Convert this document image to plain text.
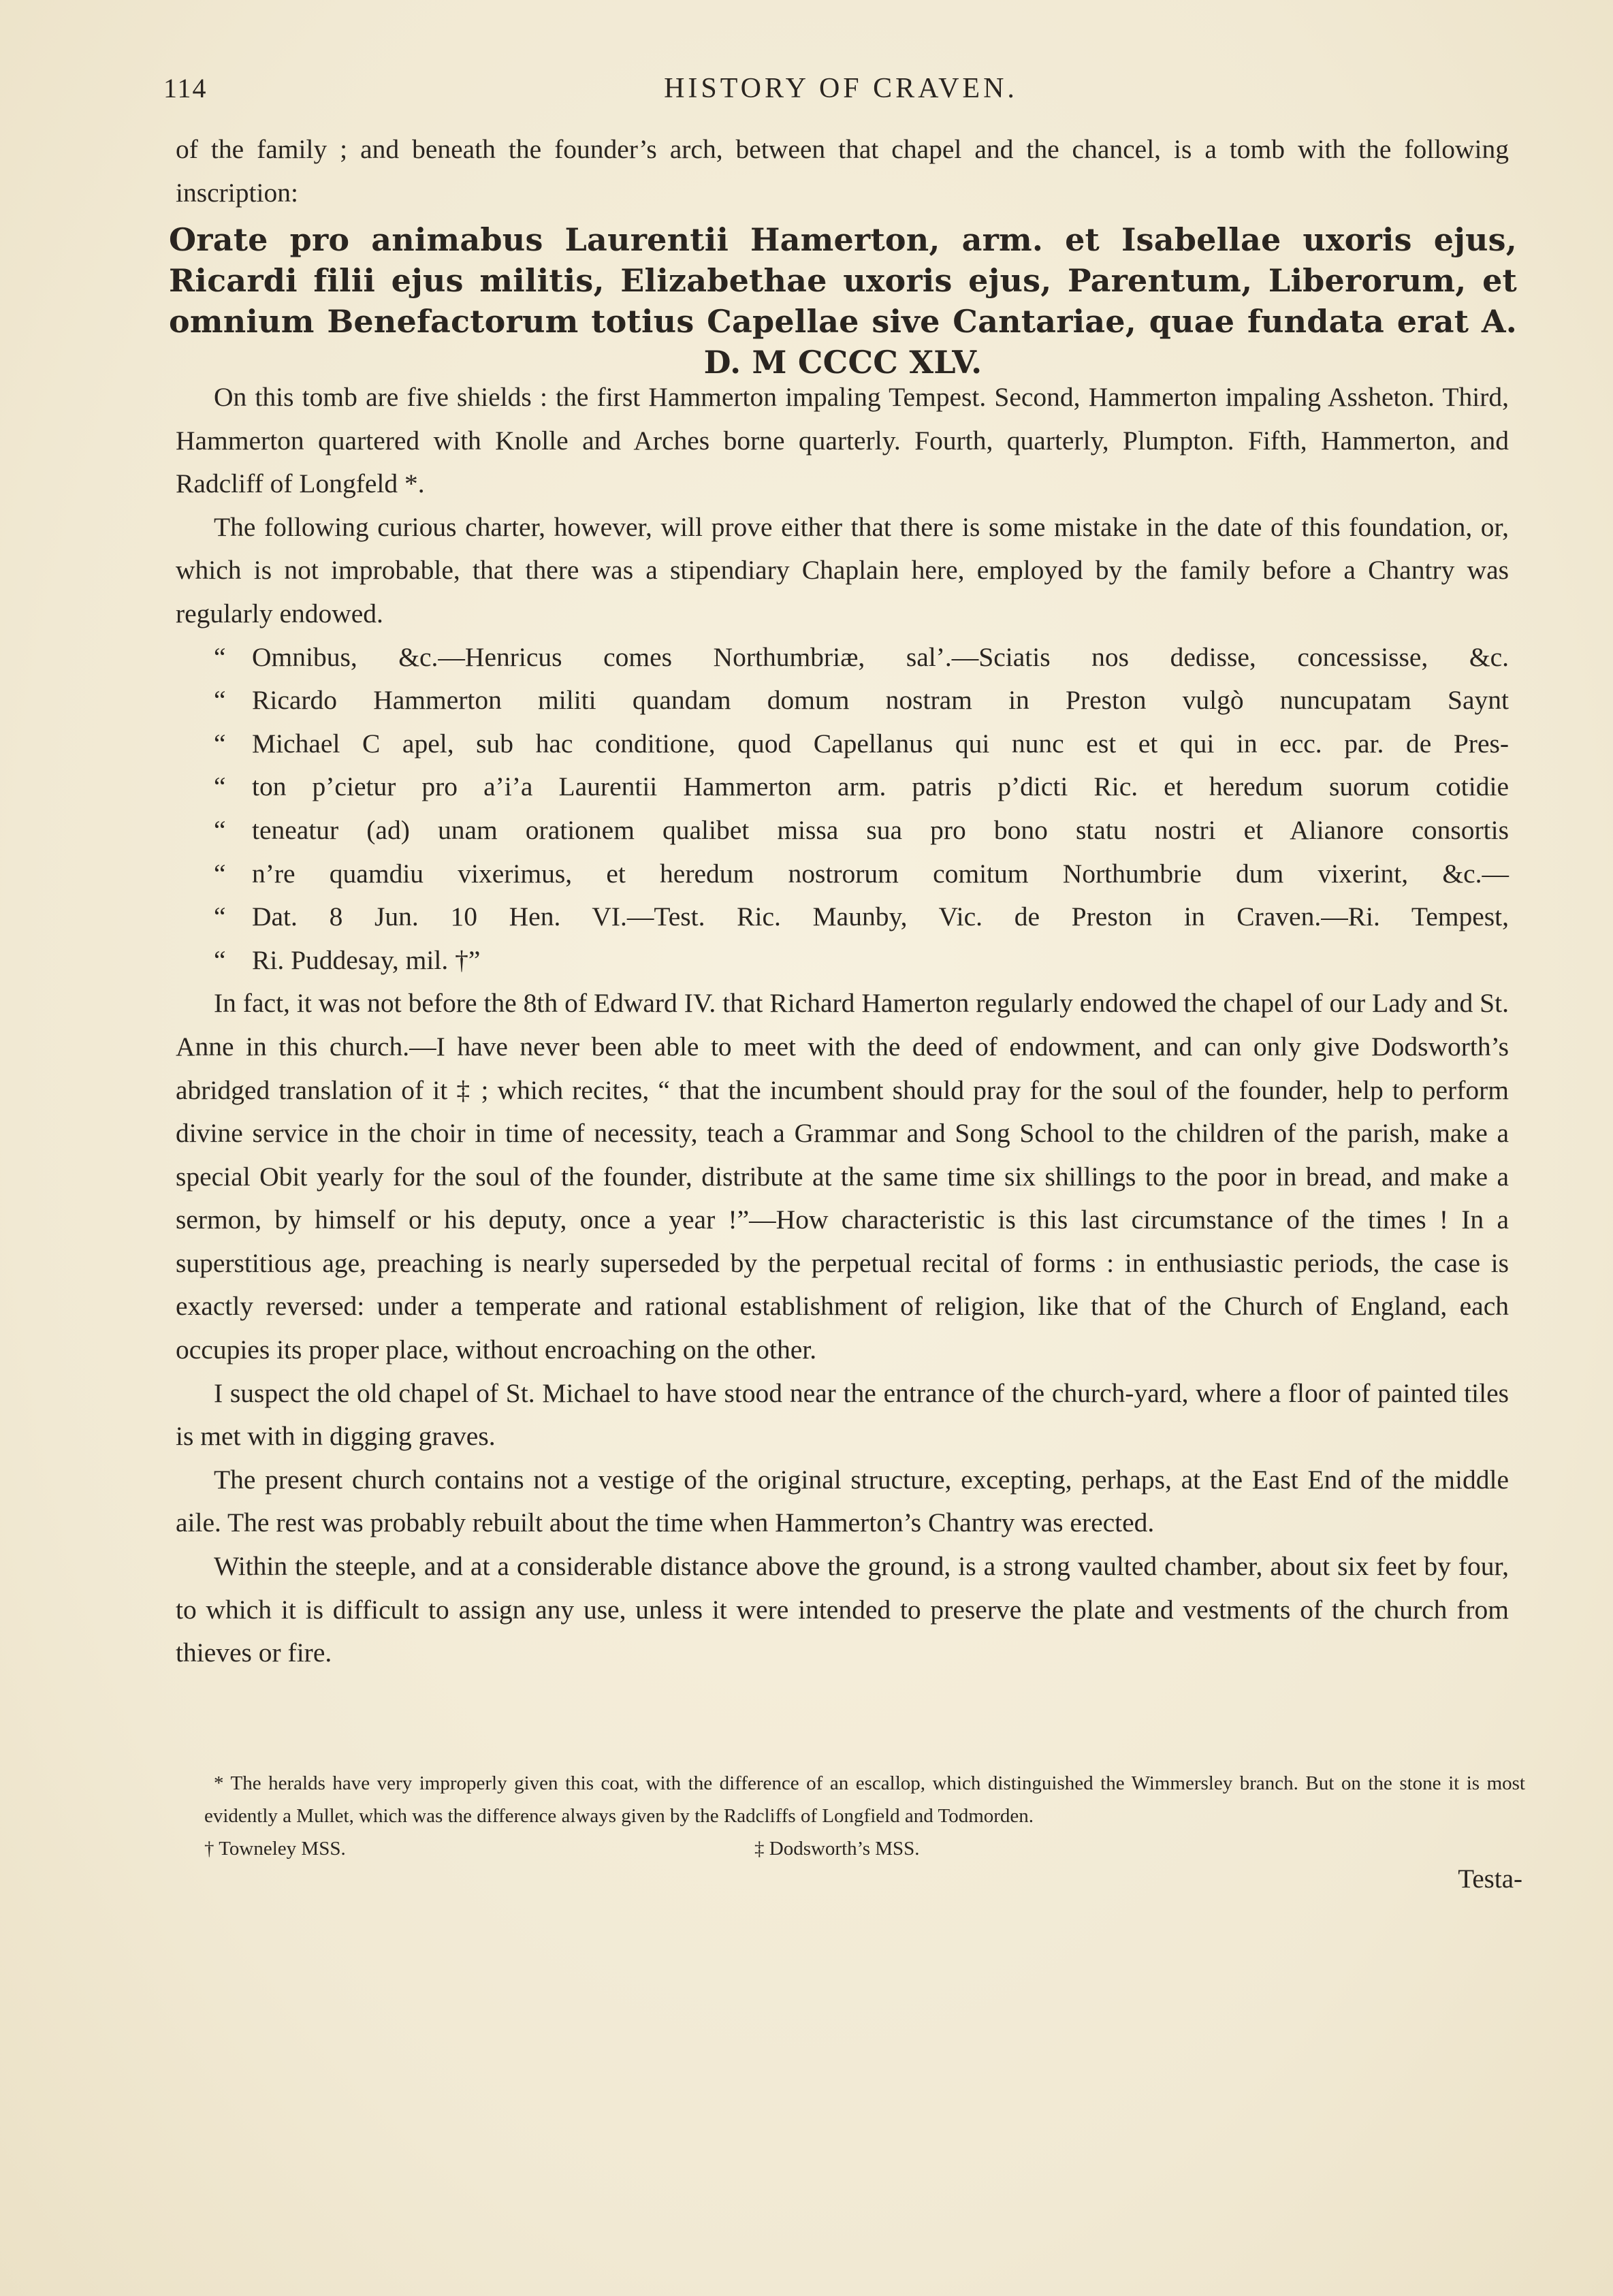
114	HISTORY OF CRAVEN.

of the family ; and beneath the founder’s arch, between that chapel and the chancel, is a tomb with the following inscription:

Orate pro animabus Laurentii Hamerton, arm. et Isabellae uxoris ejus, Ricardi filii ejus militis, Elizabethae uxoris ejus, Parentum, Liberorum, et omnium Benefactorum totius Capellae sive Cantariae, quae fundata erat A. D. M CCCC XLV.

On this tomb are five shields : the first Hammerton impaling Tempest. Second, Hammerton impaling Assheton. Third, Hammerton quartered with Knolle and Arches borne quarterly. Fourth, quarterly, Plumpton. Fifth, Hammerton, and Radcliff of Longfeld *.

The following curious charter, however, will prove either that there is some mistake in the date of this foundation, or, which is not improbable, that there was a stipendiary Chaplain here, employed by the family before a Chantry was regularly endowed.

“ Omnibus, &c.—Henricus comes Northumbriæ, sal’.—Sciatis nos dedisse, concessisse, &c.
“ Ricardo Hammerton militi quandam domum nostram in Preston vulgò nuncupatam Saynt
“ Michael C apel, sub hac conditione, quod Capellanus qui nunc est et qui in ecc. par. de Pres-
“ ton p’cietur pro a’i’a Laurentii Hammerton arm. patris p’dicti Ric. et heredum suorum cotidie
“ teneatur (ad) unam orationem qualibet missa sua pro bono statu nostri et Alianore consortis
“ n’re quamdiu vixerimus, et heredum nostrorum comitum Northumbrie dum vixerint, &c.—
“ Dat. 8 Jun. 10 Hen. VI.—Test. Ric. Maunby, Vic. de Preston in Craven.—Ri. Tempest,
“ Ri. Puddesay, mil. †”

In fact, it was not before the 8th of Edward IV. that Richard Hamerton regularly endowed the chapel of our Lady and St. Anne in this church.—I have never been able to meet with the deed of endowment, and can only give Dodsworth’s abridged translation of it ‡ ; which recites, “ that the incumbent should pray for the soul of the founder, help to perform divine service in the choir in time of necessity, teach a Grammar and Song School to the children of the parish, make a special Obit yearly for the soul of the founder, distribute at the same time six shillings to the poor in bread, and make a sermon, by himself or his deputy, once a year !”—How characteristic is this last circumstance of the times ! In a superstitious age, preaching is nearly superseded by the perpetual recital of forms : in enthusiastic periods, the case is exactly reversed: under a temperate and rational establishment of religion, like that of the Church of England, each occupies its proper place, without encroaching on the other.

I suspect the old chapel of St. Michael to have stood near the entrance of the church-yard, where a floor of painted tiles is met with in digging graves.

The present church contains not a vestige of the original structure, excepting, perhaps, at the East End of the middle aile. The rest was probably rebuilt about the time when Hammerton’s Chantry was erected.

Within the steeple, and at a considerable distance above the ground, is a strong vaulted chamber, about six feet by four, to which it is difficult to assign any use, unless it were intended to preserve the plate and vestments of the church from thieves or fire.

* The heralds have very improperly given this coat, with the difference of an escallop, which distinguished the Wimmersley branch. But on the stone it is most evidently a Mullet, which was the difference always given by the Radcliffs of Longfield and Todmorden.

† Towneley MSS.	‡ Dodsworth’s MSS.
Testa-
